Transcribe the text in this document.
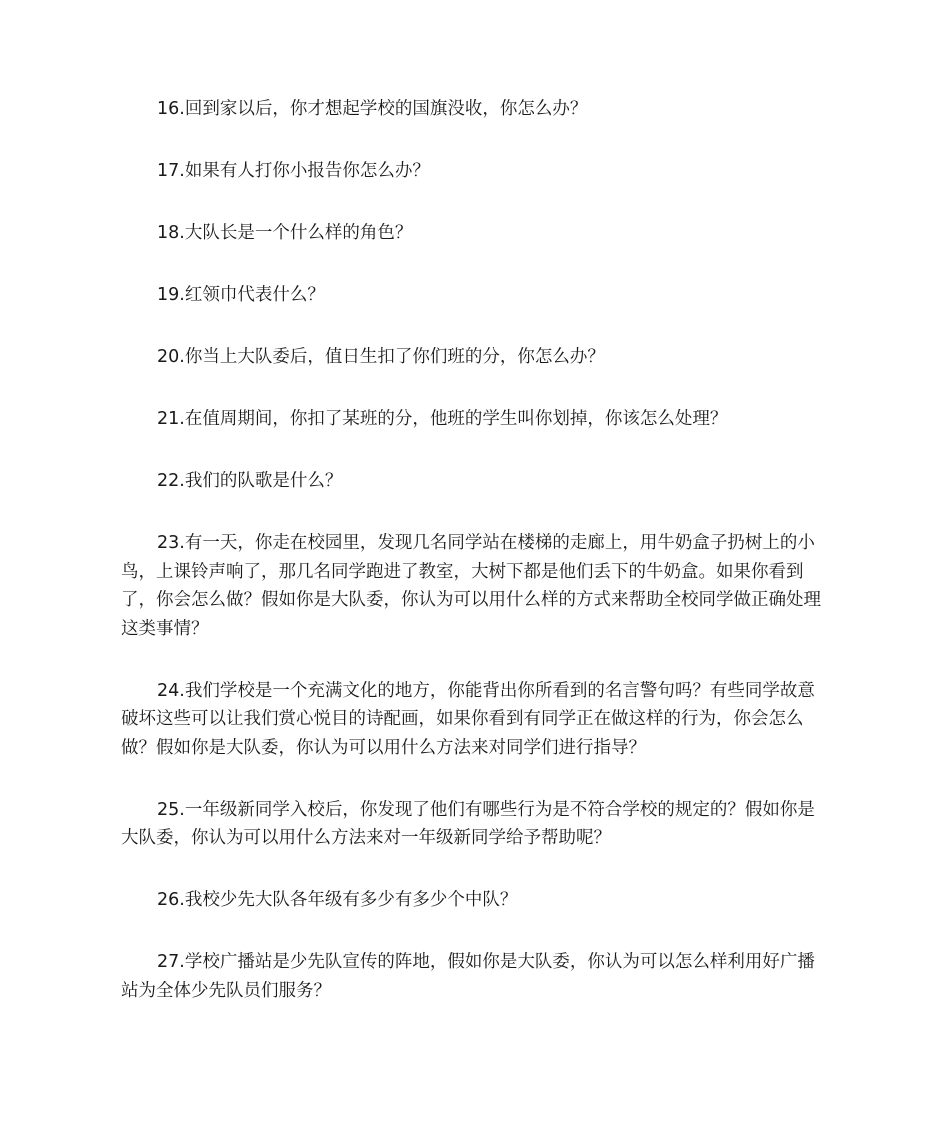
16.回到家以后，你才想起学校的国旗没收，你怎么办？

17.如果有人打你小报告你怎么办？

18.大队长是一个什么样的角色？

19.红领巾代表什么？

20.你当上大队委后，值日生扣了你们班的分，你怎么办？

21.在值周期间，你扣了某班的分，他班的学生叫你划掉，你该怎么处理？

22.我们的队歌是什么？

23.有一天，你走在校园里，发现几名同学站在楼梯的走廊上，用牛奶盒子扔树上的小鸟，上课铃声响了，那几名同学跑进了教室，大树下都是他们丢下的牛奶盒。如果你看到了，你会怎么做？假如你是大队委，你认为可以用什么样的方式来帮助全校同学做正确处理这类事情？

24.我们学校是一个充满文化的地方，你能背出你所看到的名言警句吗？有些同学故意破坏这些可以让我们赏心悦目的诗配画，如果你看到有同学正在做这样的行为，你会怎么做？假如你是大队委，你认为可以用什么方法来对同学们进行指导？

25.一年级新同学入校后，你发现了他们有哪些行为是不符合学校的规定的？假如你是大队委，你认为可以用什么方法来对一年级新同学给予帮助呢？

26.我校少先大队各年级有多少有多少个中队？

27.学校广播站是少先队宣传的阵地，假如你是大队委，你认为可以怎么样利用好广播站为全体少先队员们服务？
